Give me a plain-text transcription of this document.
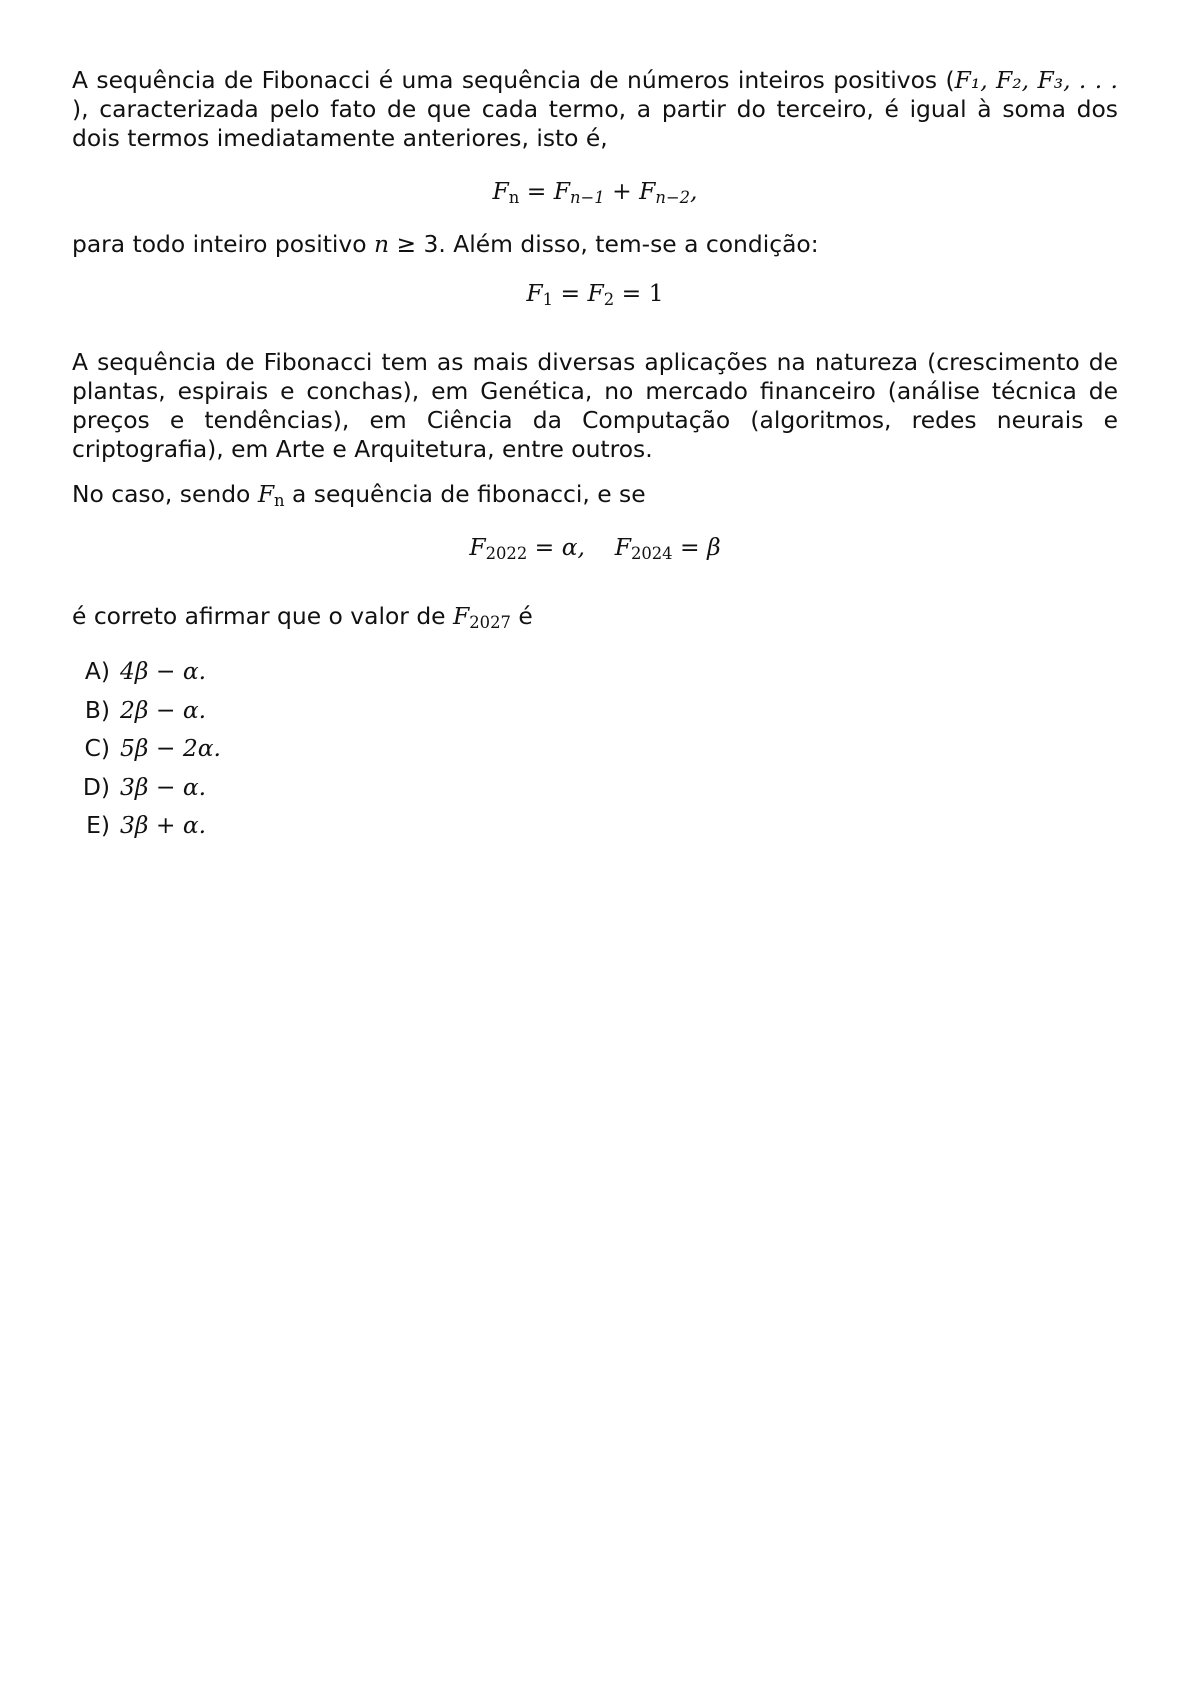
A sequência de Fibonacci é uma sequência de números inteiros positivos (F₁, F₂, F₃, . . . ), caracterizada pelo fato de que cada termo, a partir do terceiro, é igual à soma dos dois termos imediatamente anteriores, isto é,

$F_n = F_{n-1} + F_{n-2}$,

para todo inteiro positivo n ≥ 3. Além disso, tem-se a condição:

$F_1 = F_2 = 1$

A sequência de Fibonacci tem as mais diversas aplicações na natureza (crescimento de plantas, espirais e conchas), em Genética, no mercado financeiro (análise técnica de preços e tendências), em Ciência da Computação (algoritmos, redes neurais e criptografia), em Arte e Arquitetura, entre outros.

No caso, sendo $F_n$ a sequência de fibonacci, e se

$F_{2022} = \alpha$,    $F_{2024} = \beta$

é correto afirmar que o valor de $F_{2027}$ é

A) 4β − α.
B) 2β − α.
C) 5β − 2α.
D) 3β − α.
E) 3β + α.
